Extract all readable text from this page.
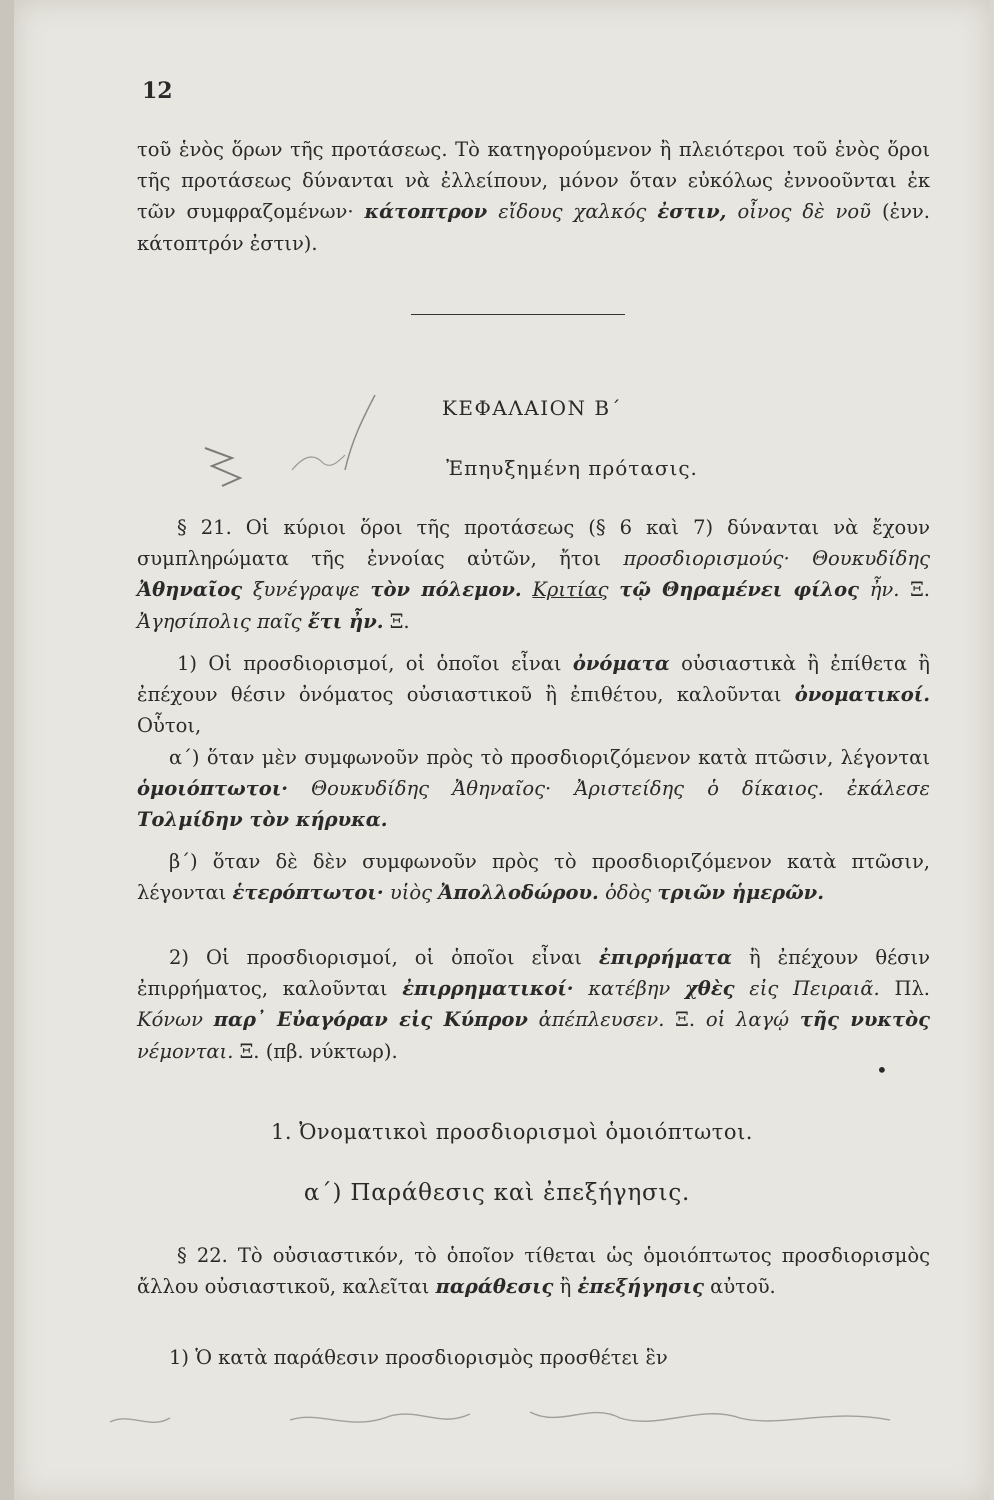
12
τοῦ ἑνὸς ὅρων τῆς προτάσεως. Τὸ κατηγορούμενον ἢ πλειότεροι τοῦ ἑνὸς ὅροι τῆς προτάσεως δύνανται νὰ ἐλλείπουν, μόνον ὅταν εὐκόλως ἐννοοῦνται ἐκ τῶν συμφραζομένων· κάτοπτρον εἴδους χαλκός ἐστιν, οἶνος δὲ νοῦ (ἐνν. κάτοπτρόν ἐστιν).
ΚΕΦΑΛΑΙΟΝ Β΄
Ἐπηυξημένη πρότασις.
§ 21. Οἱ κύριοι ὅροι τῆς προτάσεως (§ 6 καὶ 7) δύνανται νὰ ἔχουν συμπληρώματα τῆς ἐννοίας αὐτῶν, ἤτοι προσδιορισμούς· Θουκυδίδης Ἀθηναῖος ξυνέγραψε τὸν πόλεμον. Κριτίας τῷ Θηραμένει φίλος ἦν. Ξ. Ἀγησίπολις παῖς ἔτι ἦν. Ξ.
1) Οἱ προσδιορισμοί, οἱ ὁποῖοι εἶναι ὀνόματα οὐσιαστικὰ ἢ ἐπίθετα ἢ ἐπέχουν θέσιν ὀνόματος οὐσιαστικοῦ ἢ ἐπιθέτου, καλοῦνται ὀνοματικοί. Οὗτοι,
α΄) ὅταν μὲν συμφωνοῦν πρὸς τὸ προσδιοριζόμενον κατὰ πτῶσιν, λέγονται ὁμοιόπτωτοι· Θουκυδίδης Ἀθηναῖος· Ἀριστείδης ὁ δίκαιος. ἐκάλεσε Τολμίδην τὸν κήρυκα.
β΄) ὅταν δὲ δὲν συμφωνοῦν πρὸς τὸ προσδιοριζόμενον κατὰ πτῶσιν, λέγονται ἑτερόπτωτοι· υἱὸς Ἀπολλοδώρου. ὁδὸς τριῶν ἡμερῶν.
2) Οἱ προσδιορισμοί, οἱ ὁποῖοι εἶναι ἐπιρρήματα ἢ ἐπέχουν θέσιν ἐπιρρήματος, καλοῦνται ἐπιρρηματικοί· κατέβην χθὲς εἰς Πειραιᾶ. Πλ. Κόνων παρ᾽ Εὐαγόραν εἰς Κύπρον ἀπέπλευσεν. Ξ. οἱ λαγῴ τῆς νυκτὸς νέμονται. Ξ. (πβ. νύκτωρ).
•
1. Ὀνοματικοὶ προσδιορισμοὶ ὁμοιόπτωτοι.
α΄) Παράθεσις καὶ ἐπεξήγησις.
§ 22. Τὸ οὐσιαστικόν, τὸ ὁποῖον τίθεται ὡς ὁμοιόπτωτος προσδιορισμὸς ἄλλου οὐσιαστικοῦ, καλεῖται παράθεσις ἢ ἐπεξήγησις αὐτοῦ.
1) Ὁ κατὰ παράθεσιν προσδιορισμὸς προσθέτει ἓν
